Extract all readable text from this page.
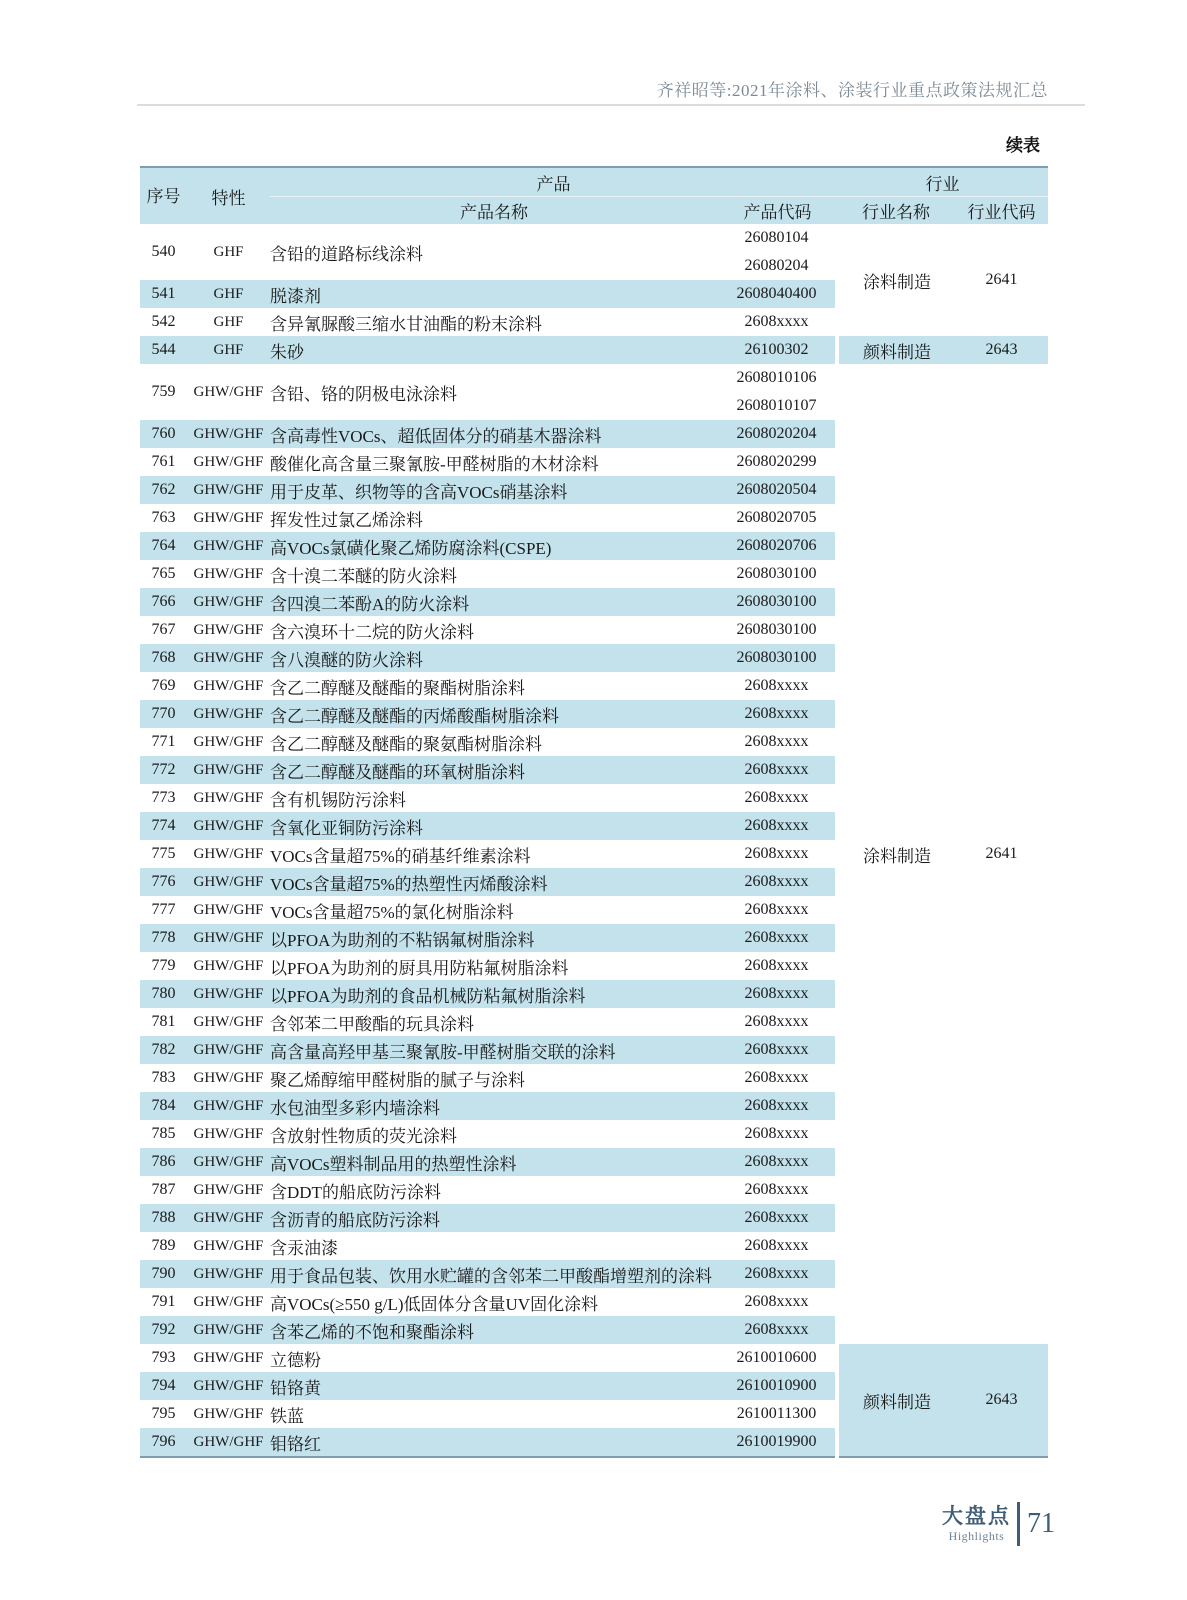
齐祥昭等:2021年涂料、涂装行业重点政策法规汇总
续表
序号	特性	产品		行业	
		产品名称	产品代码	行业名称	行业代码
540	GHF	含铅的道路标线涂料	26080104
26080204	涂料制造	2641
541	GHF	脱漆剂	2608040400		

542	GHF	含异氰脲酸三缩水甘油酯的粉末涂料	2608xxxx		

544	GHF	朱砂	26100302	颜料制造	2643
759	GHW/GHF	含铅、铬的阴极电泳涂料	2608010106
2608010107	涂料制造	2641
760	GHW/GHF	含高毒性VOCs、超低固体分的硝基木器涂料	2608020204		

761	GHW/GHF	酸催化高含量三聚氰胺-甲醛树脂的木材涂料	2608020299		

762	GHW/GHF	用于皮革、织物等的含高VOCs硝基涂料	2608020504		

763	GHW/GHF	挥发性过氯乙烯涂料	2608020705		

764	GHW/GHF	高VOCs氯磺化聚乙烯防腐涂料(CSPE)	2608020706		

765	GHW/GHF	含十溴二苯醚的防火涂料	2608030100		

766	GHW/GHF	含四溴二苯酚A的防火涂料	2608030100		

767	GHW/GHF	含六溴环十二烷的防火涂料	2608030100		

768	GHW/GHF	含八溴醚的防火涂料	2608030100		

769	GHW/GHF	含乙二醇醚及醚酯的聚酯树脂涂料	2608xxxx		

770	GHW/GHF	含乙二醇醚及醚酯的丙烯酸酯树脂涂料	2608xxxx		

771	GHW/GHF	含乙二醇醚及醚酯的聚氨酯树脂涂料	2608xxxx		

772	GHW/GHF	含乙二醇醚及醚酯的环氧树脂涂料	2608xxxx		

773	GHW/GHF	含有机锡防污涂料	2608xxxx		

774	GHW/GHF	含氧化亚铜防污涂料	2608xxxx		

775	GHW/GHF	VOCs含量超75%的硝基纤维素涂料	2608xxxx		

776	GHW/GHF	VOCs含量超75%的热塑性丙烯酸涂料	2608xxxx		

777	GHW/GHF	VOCs含量超75%的氯化树脂涂料	2608xxxx		

778	GHW/GHF	以PFOA为助剂的不粘锅氟树脂涂料	2608xxxx		

779	GHW/GHF	以PFOA为助剂的厨具用防粘氟树脂涂料	2608xxxx		

780	GHW/GHF	以PFOA为助剂的食品机械防粘氟树脂涂料	2608xxxx		

781	GHW/GHF	含邻苯二甲酸酯的玩具涂料	2608xxxx		

782	GHW/GHF	高含量高羟甲基三聚氰胺-甲醛树脂交联的涂料	2608xxxx		

783	GHW/GHF	聚乙烯醇缩甲醛树脂的腻子与涂料	2608xxxx		

784	GHW/GHF	水包油型多彩内墙涂料	2608xxxx		

785	GHW/GHF	含放射性物质的荧光涂料	2608xxxx		

786	GHW/GHF	高VOCs塑料制品用的热塑性涂料	2608xxxx		

787	GHW/GHF	含DDT的船底防污涂料	2608xxxx		

788	GHW/GHF	含沥青的船底防污涂料	2608xxxx		

789	GHW/GHF	含汞油漆	2608xxxx		

790	GHW/GHF	用于食品包装、饮用水贮罐的含邻苯二甲酸酯增塑剂的涂料	2608xxxx		

791	GHW/GHF	高VOCs(≥550 g/L)低固体分含量UV固化涂料	2608xxxx		

792	GHW/GHF	含苯乙烯的不饱和聚酯涂料	2608xxxx		

793	GHW/GHF	立德粉	2610010600	颜料制造	2643
794	GHW/GHF	铅铬黄	2610010900		

795	GHW/GHF	铁蓝	2610011300		

796	GHW/GHF	钼铬红	2610019900		
大盘点
Highlights 71
